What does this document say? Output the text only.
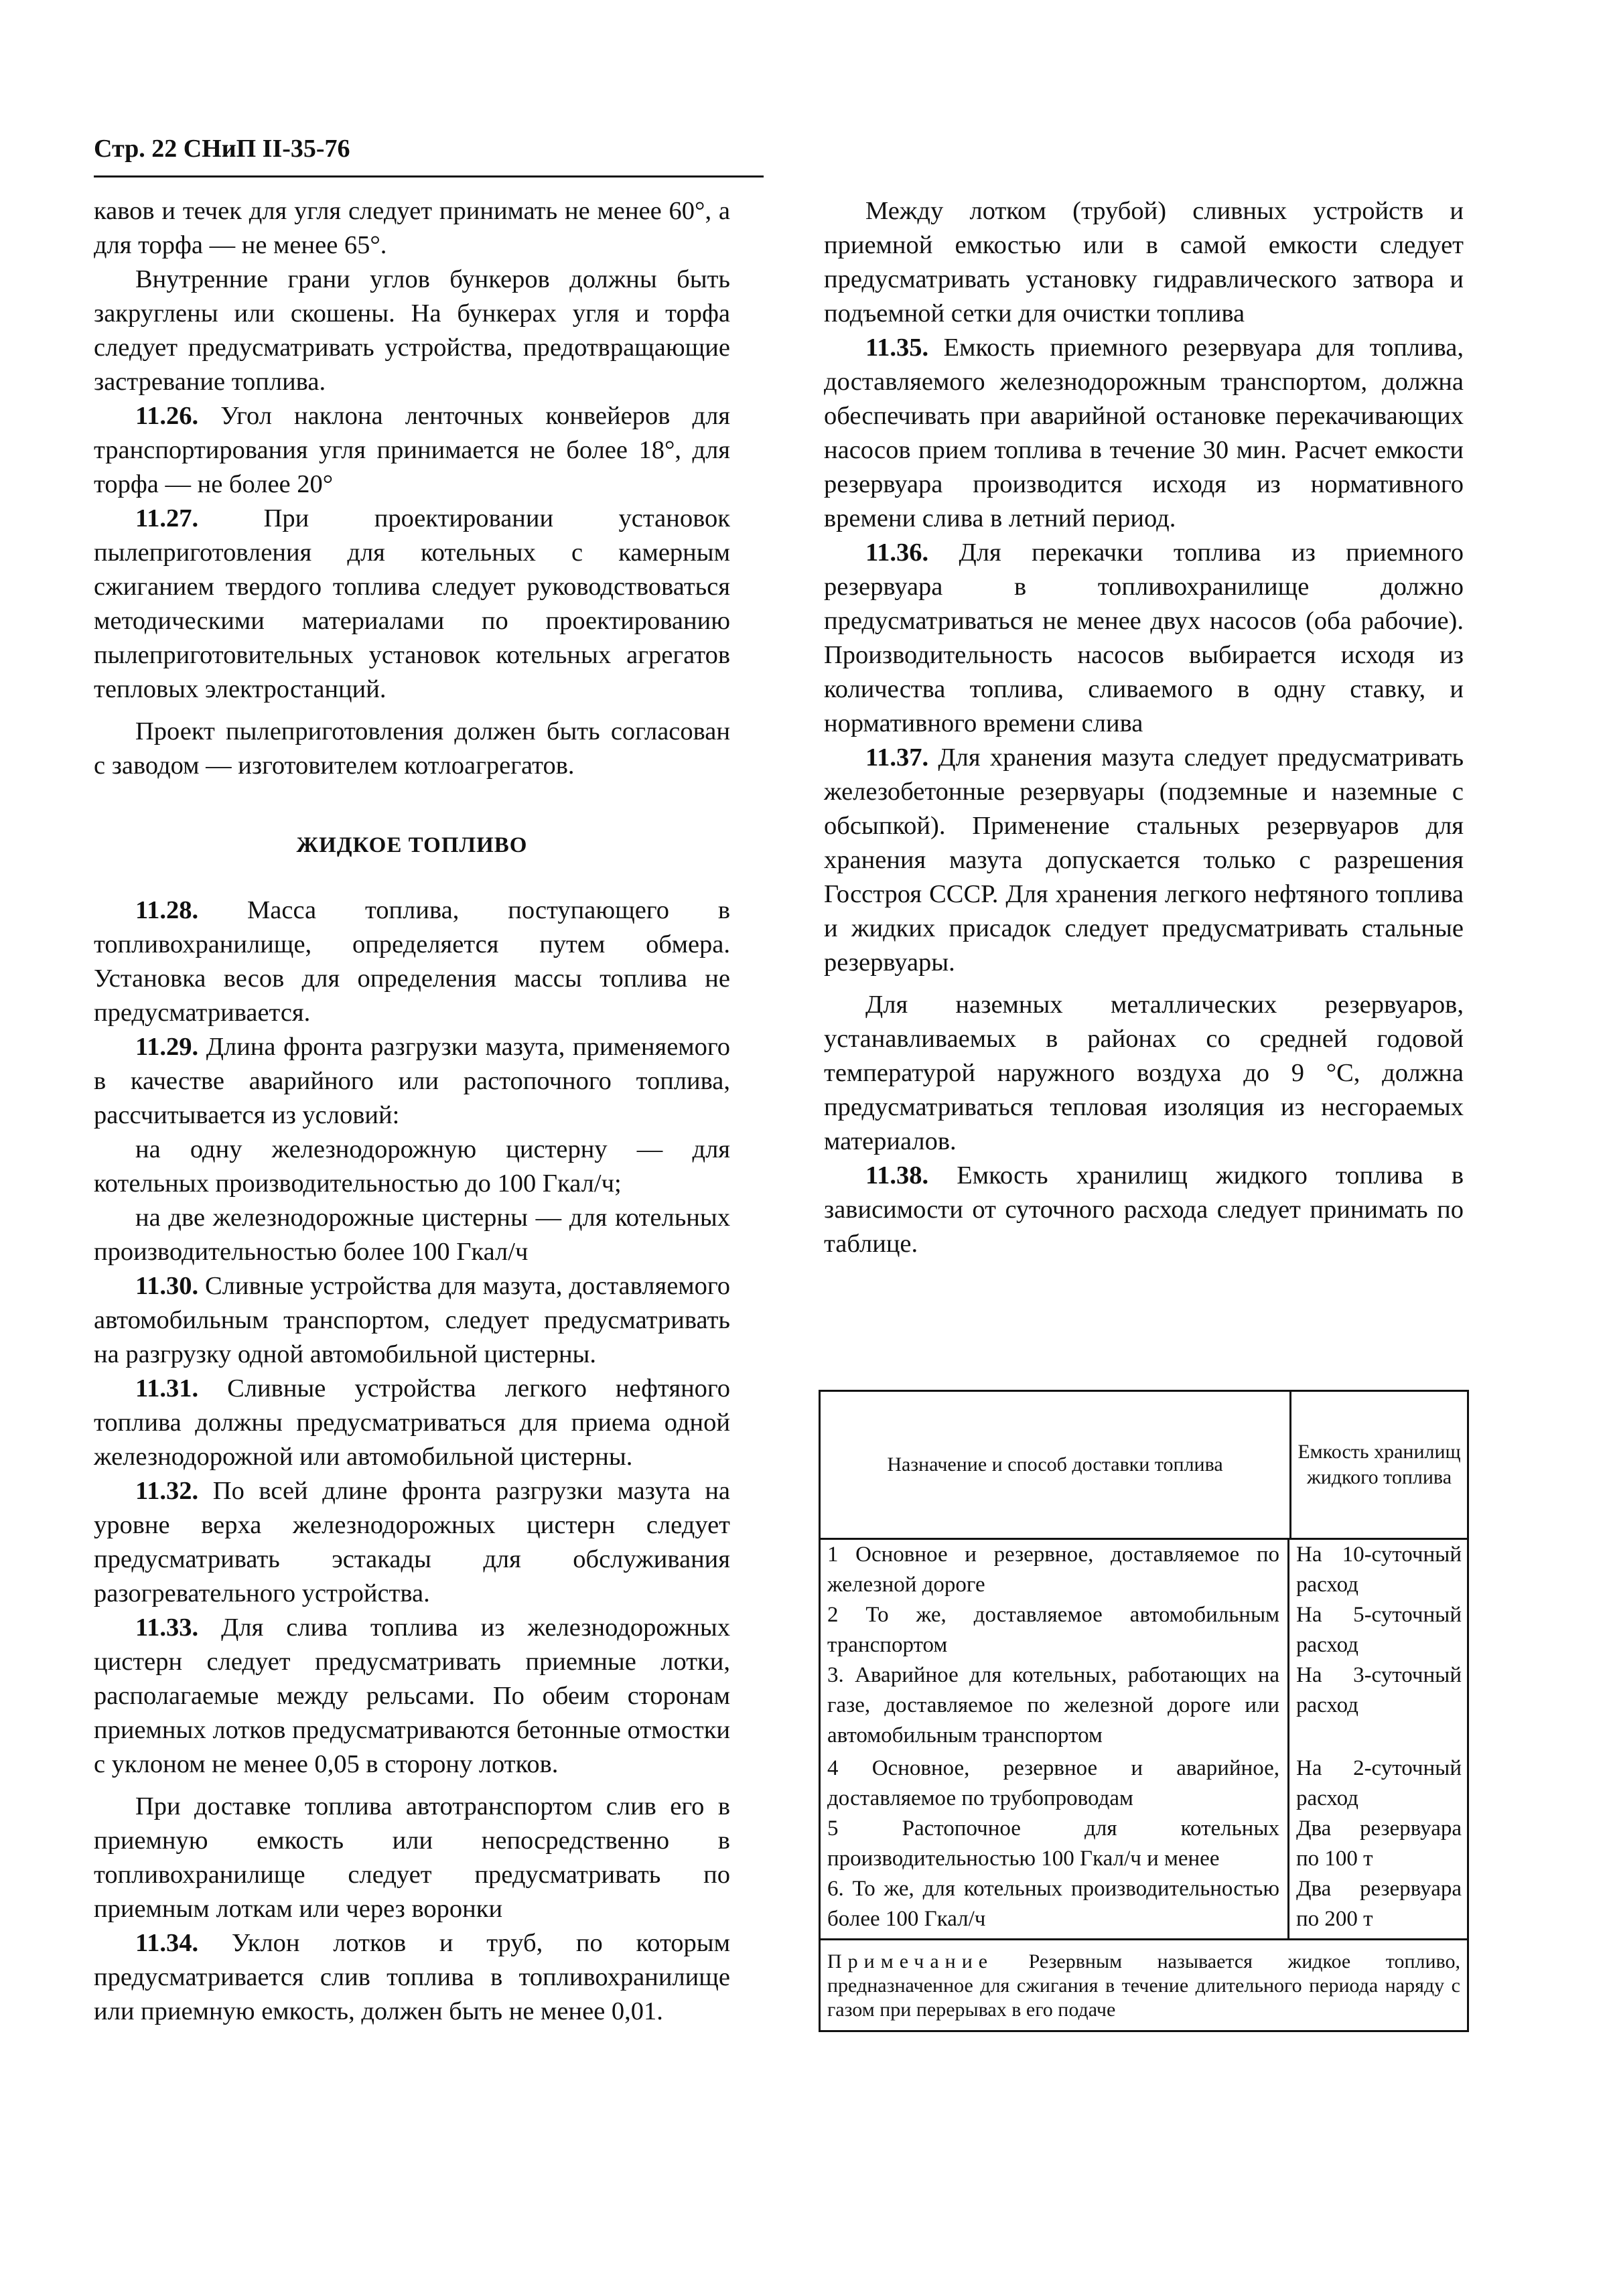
Стр. 22 СНиП II-35-76

кавов и течек для угля следует принимать не менее 60°, а для торфа — не менее 65°.

Внутренние грани углов бункеров должны быть закруглены или скошены. На бункерах угля и торфа следует предусматривать устройства, предотвращающие застревание топлива.

11.26. Угол наклона ленточных конвейеров для транспортирования угля принимается не более 18°, для торфа — не более 20°

11.27.	При проектировании установок пылеприготовления для котельных с камерным сжиганием твердого топлива следует руководствоваться методическими материалами по проектированию пылеприготовительных установок котельных агрегатов тепловых электростанций.

Проект пылеприготовления должен быть согласован с заводом — изготовителем котлоагрегатов.

ЖИДКОЕ ТОПЛИВО

11.28. Масса топлива, поступающего в топливохранилище, определяется путем обмера. Установка весов для определения массы топлива не предусматривается.

11.29. Длина фронта разгрузки мазута, применяемого в качестве аварийного или растопочного топлива, рассчитывается из условий:

на одну железнодорожную цистерну — для котельных производительностью до 100 Гкал/ч;

на две железнодорожные цистерны — для котельных производительностью более 100 Гкал/ч

11.30. Сливные устройства для мазута, доставляемого автомобильным транспортом, следует предусматривать на разгрузку одной автомобильной цистерны.

11.31. Сливные устройства легкого нефтяного топлива должны предусматриваться для приема одной железнодорожной или автомобильной цистерны.

11.32. По всей длине фронта разгрузки мазута на уровне верха железнодорожных цистерн следует предусматривать эстакады для обслуживания разогревательного устройства.

11.33. Для слива топлива из железнодорожных цистерн следует предусматривать приемные лотки, располагаемые между рельсами. По обеим сторонам приемных лотков предусматриваются бетонные отмостки с уклоном не менее 0,05 в сторону лотков.

При доставке топлива автотранспортом слив его в приемную емкость или непосредственно в топливохранилище следует предусматривать по приемным лоткам или через воронки

11.34. Уклон лотков и труб, по которым предусматривается слив топлива в топливохранилище или приемную емкость, должен быть не менее 0,01.

Между лотком (трубой) сливных устройств и приемной емкостью или в самой емкости следует предусматривать установку гидравлического затвора и подъемной сетки для очистки топлива

11.35. Емкость приемного резервуара для топлива, доставляемого железнодорожным транспортом, должна обеспечивать при аварийной остановке перекачивающих насосов прием топлива в течение 30 мин. Расчет емкости резервуара производится исходя из нормативного времени слива в летний период.

11.36. Для перекачки топлива из приемного резервуара в топливохранилище должно предусматриваться не менее двух насосов (оба рабочие). Производительность насосов выбирается исходя из количества топлива, сливаемого в одну ставку, и нормативного времени слива

11.37. Для хранения мазута следует предусматривать железобетонные резервуары (подземные и наземные с обсыпкой). Применение стальных резервуаров для хранения мазута допускается только с разрешения Госстроя СССР. Для хранения легкого нефтяного топлива и жидких присадок следует предусматривать стальные резервуары.

Для наземных металлических резервуаров, устанавливаемых в районах со средней годовой температурой наружного воздуха до 9 °С, должна предусматриваться тепловая изоляция из несгораемых материалов.

11.38. Емкость хранилищ жидкого топлива в зависимости от суточного расхода следует принимать по таблице.

Назначение и способ доставки топлива
Емкость хранилищ жидкого топлива
1 Основное и резервное, доставляемое по железной дороге
На 10-суточный расход
2 То же, доставляемое автомобильным транспортом
На 5-суточный расход
3. Аварийное для котельных, работающих на газе, доставляемое по железной дороге или автомобильным транспортом
На 3-суточный расход
4 Основное, резервное и аварийное, доставляемое по трубопроводам
На 2-суточный расход
5 Растопочное для котельных производительностью 100 Гкал/ч и менее
Два резервуара по 100 т
6. То же, для котельных производительностью более 100 Гкал/ч
Два резервуара по 200 т
Примечание Резервным называется жидкое топливо, предназначенное для сжигания в течение длительного периода наряду с газом при перерывах в его подаче
